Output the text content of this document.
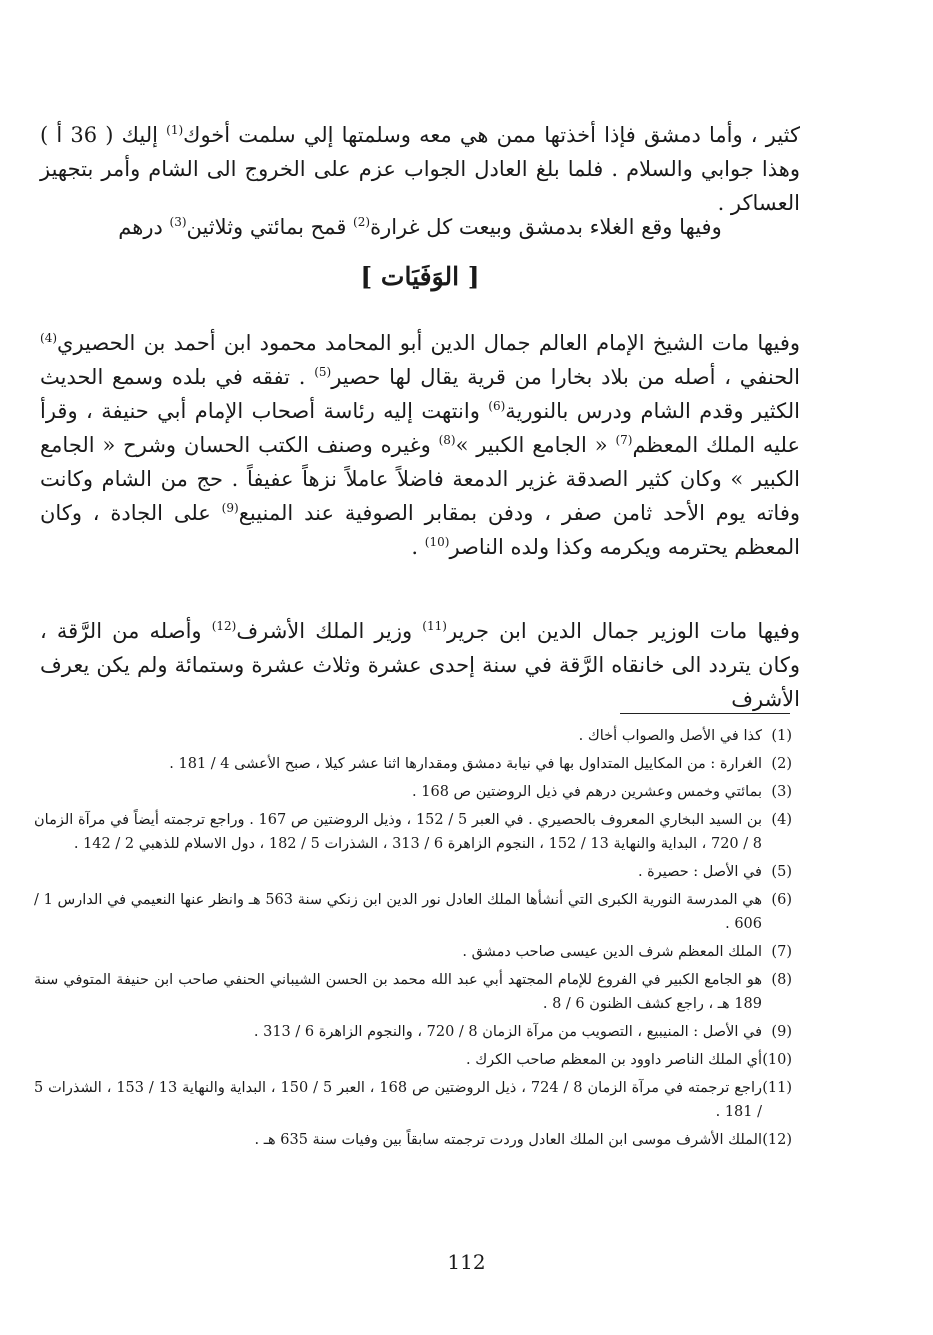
كثير ، وأما دمشق فإذا أخذتها ممن هي معه وسلمتها إلي سلمت أخوك$^{(1)}$ إليك ( 36 أ ) وهذا جوابي والسلام . فلما بلغ العادل الجواب عزم على الخروج الى الشام وأمر بتجهيز العساكر .

وفيها وقع الغلاء بدمشق وبيعت كل غرارة$^{(2)}$ قمح بمائتي وثلاثين$^{(3)}$ درهم

[ الوَفَيَات ]

وفيها مات الشيخ الإمام العالم جمال الدين أبو المحامد محمود ابن أحمد بن الحصيري$^{(4)}$ الحنفي ، أصله من بلاد بخارا من قرية يقال لها حصير$^{(5)}$ . تفقه في بلده وسمع الحديث الكثير وقدم الشام ودرس بالنورية$^{(6)}$ وانتهت إليه رئاسة أصحاب الإمام أبي حنيفة ، وقرأ عليه الملك المعظم$^{(7)}$ « الجامع الكبير »$^{(8)}$ وغيره وصنف الكتب الحسان وشرح « الجامع الكبير » وكان كثير الصدقة غزير الدمعة فاضلاً عاملاً نزهاً عفيفاً . حج من الشام وكانت وفاته يوم الأحد ثامن صفر ، ودفن بمقابر الصوفية عند المنيبع$^{(9)}$ على الجادة ، وكان المعظم يحترمه ويكرمه وكذا ولده الناصر$^{(10)}$ .

وفيها مات الوزير جمال الدين ابن جرير$^{(11)}$ وزير الملك الأشرف$^{(12)}$ وأصله من الرَّقة ، وكان يتردد الى خانقاه الرَّقة في سنة إحدى عشرة وثلاث عشرة وستمائة ولم يكن يعرف الأشرف

(1)
كذا في الأصل والصواب أخاك .
(2)
الغرارة : من المكاييل المتداول بها في نيابة دمشق ومقدارها اثنا عشر كيلا ، صبح الأعشى 4 / 181 .
(3)
بمائتي وخمس وعشرين درهم في ذيل الروضتين ص 168 .
(4)
بن السيد البخاري المعروف بالحصيري . في العبر 5 / 152 ، وذيل الروضتين ص 167 . وراجع ترجمته أيضاً في مرآة الزمان 8 / 720 ، البداية والنهاية 13 / 152 ، النجوم الزاهرة 6 / 313 ، الشذرات 5 / 182 ، دول الاسلام للذهبي 2 / 142 .
(5)
في الأصل : حصيرة .
(6)
هي المدرسة النورية الكبرى التي أنشأها الملك العادل نور الدين ابن زنكي سنة 563 هـ وانظر عنها النعيمي في الدارس 1 / 606 .
(7)
الملك المعظم شرف الدين عيسى صاحب دمشق .
(8)
هو الجامع الكبير في الفروع للإمام المجتهد أبي عبد الله محمد بن الحسن الشيباني الحنفي صاحب ابن حنيفة المتوفي سنة 189 هـ ، راجع كشف الظنون 6 / 8 .
(9)
في الأصل : المنيبيع ، التصويب من مرآة الزمان 8 / 720 ، والنجوم الزاهرة 6 / 313 .
(10)
أي الملك الناصر داوود بن المعظم صاحب الكرك .
(11)
راجع ترجمته في مرآة الزمان 8 / 724 ، ذيل الروضتين ص 168 ، العبر 5 / 150 ، البداية والنهاية 13 / 153 ، الشذرات 5 / 181 .
(12)
الملك الأشرف موسى ابن الملك العادل وردت ترجمته سابقاً بين وفيات سنة 635 هـ .
112
